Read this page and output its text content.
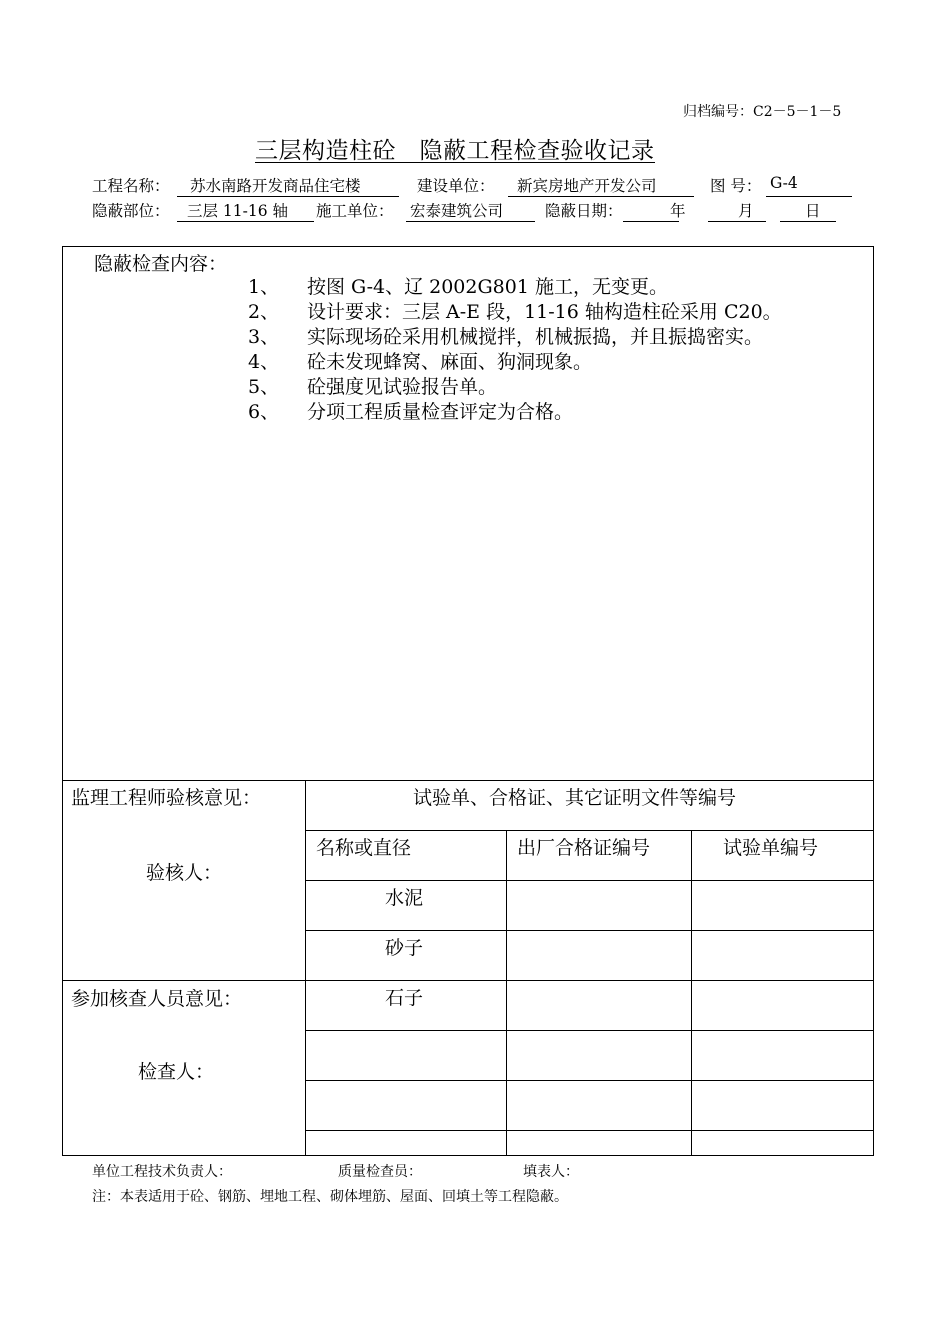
归档编号：C2－5－1－5
三层构造柱砼　隐蔽工程检查验收记录
工程名称： 苏水南路开发商品住宅楼	建设单位： 新宾房地产开发公司	图 号： G-4
隐蔽部位： 三层 11-16 轴 施工单位： 宏泰建筑公司	隐蔽日期：	年	月	日
隐蔽检查内容：
1、 按图 G-4、辽 2002G801 施工，无变更。
2、 设计要求：三层 A-E 段，11-16 轴构造柱砼采用 C20。
3、 实际现场砼采用机械搅拌，机械振捣，并且振捣密实。
4、 砼未发现蜂窝、麻面、狗洞现象。
5、 砼强度见试验报告单。
6、 分项工程质量检查评定为合格。
监理工程师验核意见：
验核人：
参加核查人员意见：
检查人：
试验单、合格证、其它证明文件等编号
名称或直径	出厂合格证编号	试验单编号
水泥
砂子
石子
单位工程技术负责人：	质量检查员：	填表人：
注：本表适用于砼、钢筋、埋地工程、砌体埋筋、屋面、回填土等工程隐蔽。
